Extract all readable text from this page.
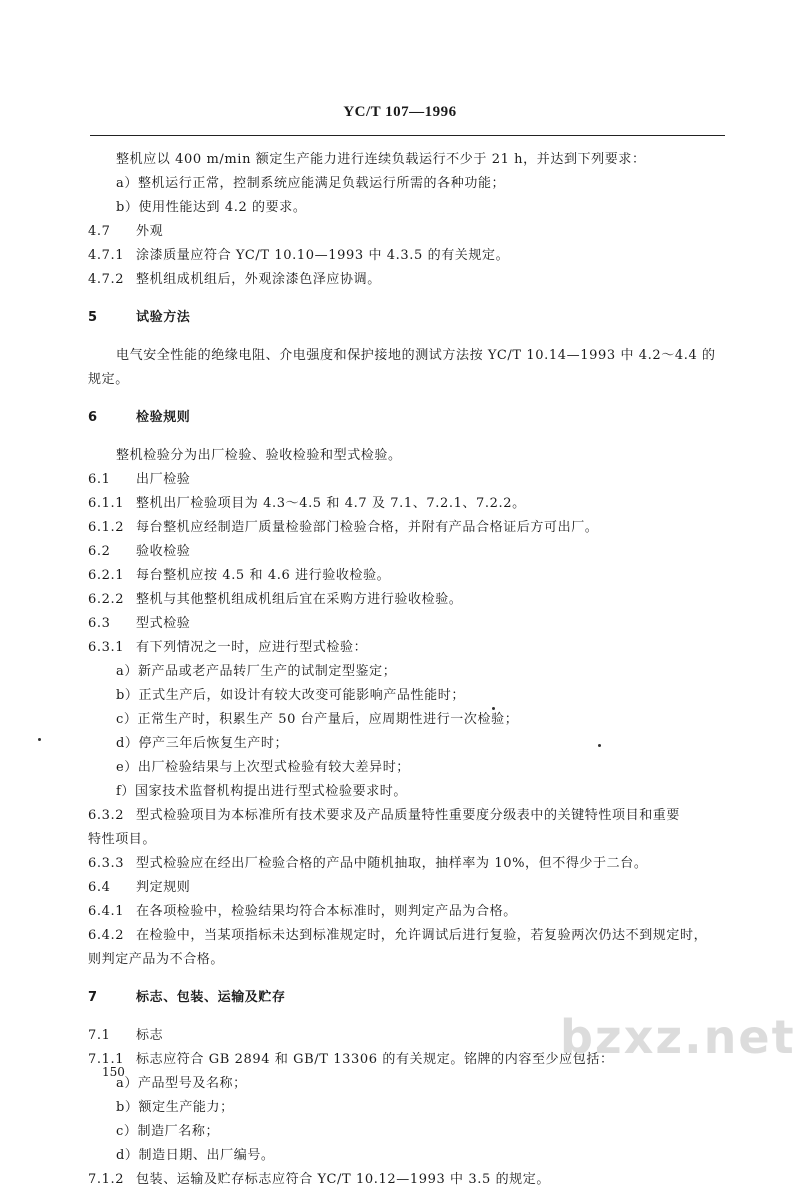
YC/T 107—1996
整机应以 400 m/min 额定生产能力进行连续负载运行不少于 21 h，并达到下列要求：
a）整机运行正常，控制系统应能满足负载运行所需的各种功能；
b）使用性能达到 4.2 的要求。
4.7 外观
4.7.1 涂漆质量应符合 YC/T 10.10—1993 中 4.3.5 的有关规定。
4.7.2 整机组成机组后，外观涂漆色泽应协调。
5	试验方法
电气安全性能的绝缘电阻、介电强度和保护接地的测试方法按 YC/T 10.14—1993 中 4.2～4.4 的
规定。
6	检验规则
整机检验分为出厂检验、验收检验和型式检验。
6.1 出厂检验
6.1.1 整机出厂检验项目为 4.3～4.5 和 4.7 及 7.1、7.2.1、7.2.2。
6.1.2 每台整机应经制造厂质量检验部门检验合格，并附有产品合格证后方可出厂。
6.2 验收检验
6.2.1 每台整机应按 4.5 和 4.6 进行验收检验。
6.2.2 整机与其他整机组成机组后宜在采购方进行验收检验。
6.3 型式检验
6.3.1 有下列情况之一时，应进行型式检验：
a）新产品或老产品转厂生产的试制定型鉴定；
b）正式生产后，如设计有较大改变可能影响产品性能时；
c）正常生产时，积累生产 50 台产量后，应周期性进行一次检验；
d）停产三年后恢复生产时；
e）出厂检验结果与上次型式检验有较大差异时；
f）国家技术监督机构提出进行型式检验要求时。
6.3.2 型式检验项目为本标准所有技术要求及产品质量特性重要度分级表中的关键特性项目和重要
特性项目。
6.3.3 型式检验应在经出厂检验合格的产品中随机抽取，抽样率为 10%，但不得少于二台。
6.4 判定规则
6.4.1 在各项检验中，检验结果均符合本标准时，则判定产品为合格。
6.4.2 在检验中，当某项指标未达到标准规定时，允许调试后进行复验，若复验两次仍达不到规定时，
则判定产品为不合格。
7	标志、包装、运输及贮存
7.1 标志
7.1.1 标志应符合 GB 2894 和 GB/T 13306 的有关规定。铭牌的内容至少应包括：
a）产品型号及名称；
b）额定生产能力；
c）制造厂名称；
d）制造日期、出厂编号。
7.1.2 包装、运输及贮存标志应符合 YC/T 10.12—1993 中 3.5 的规定。
150
bzxz.net
